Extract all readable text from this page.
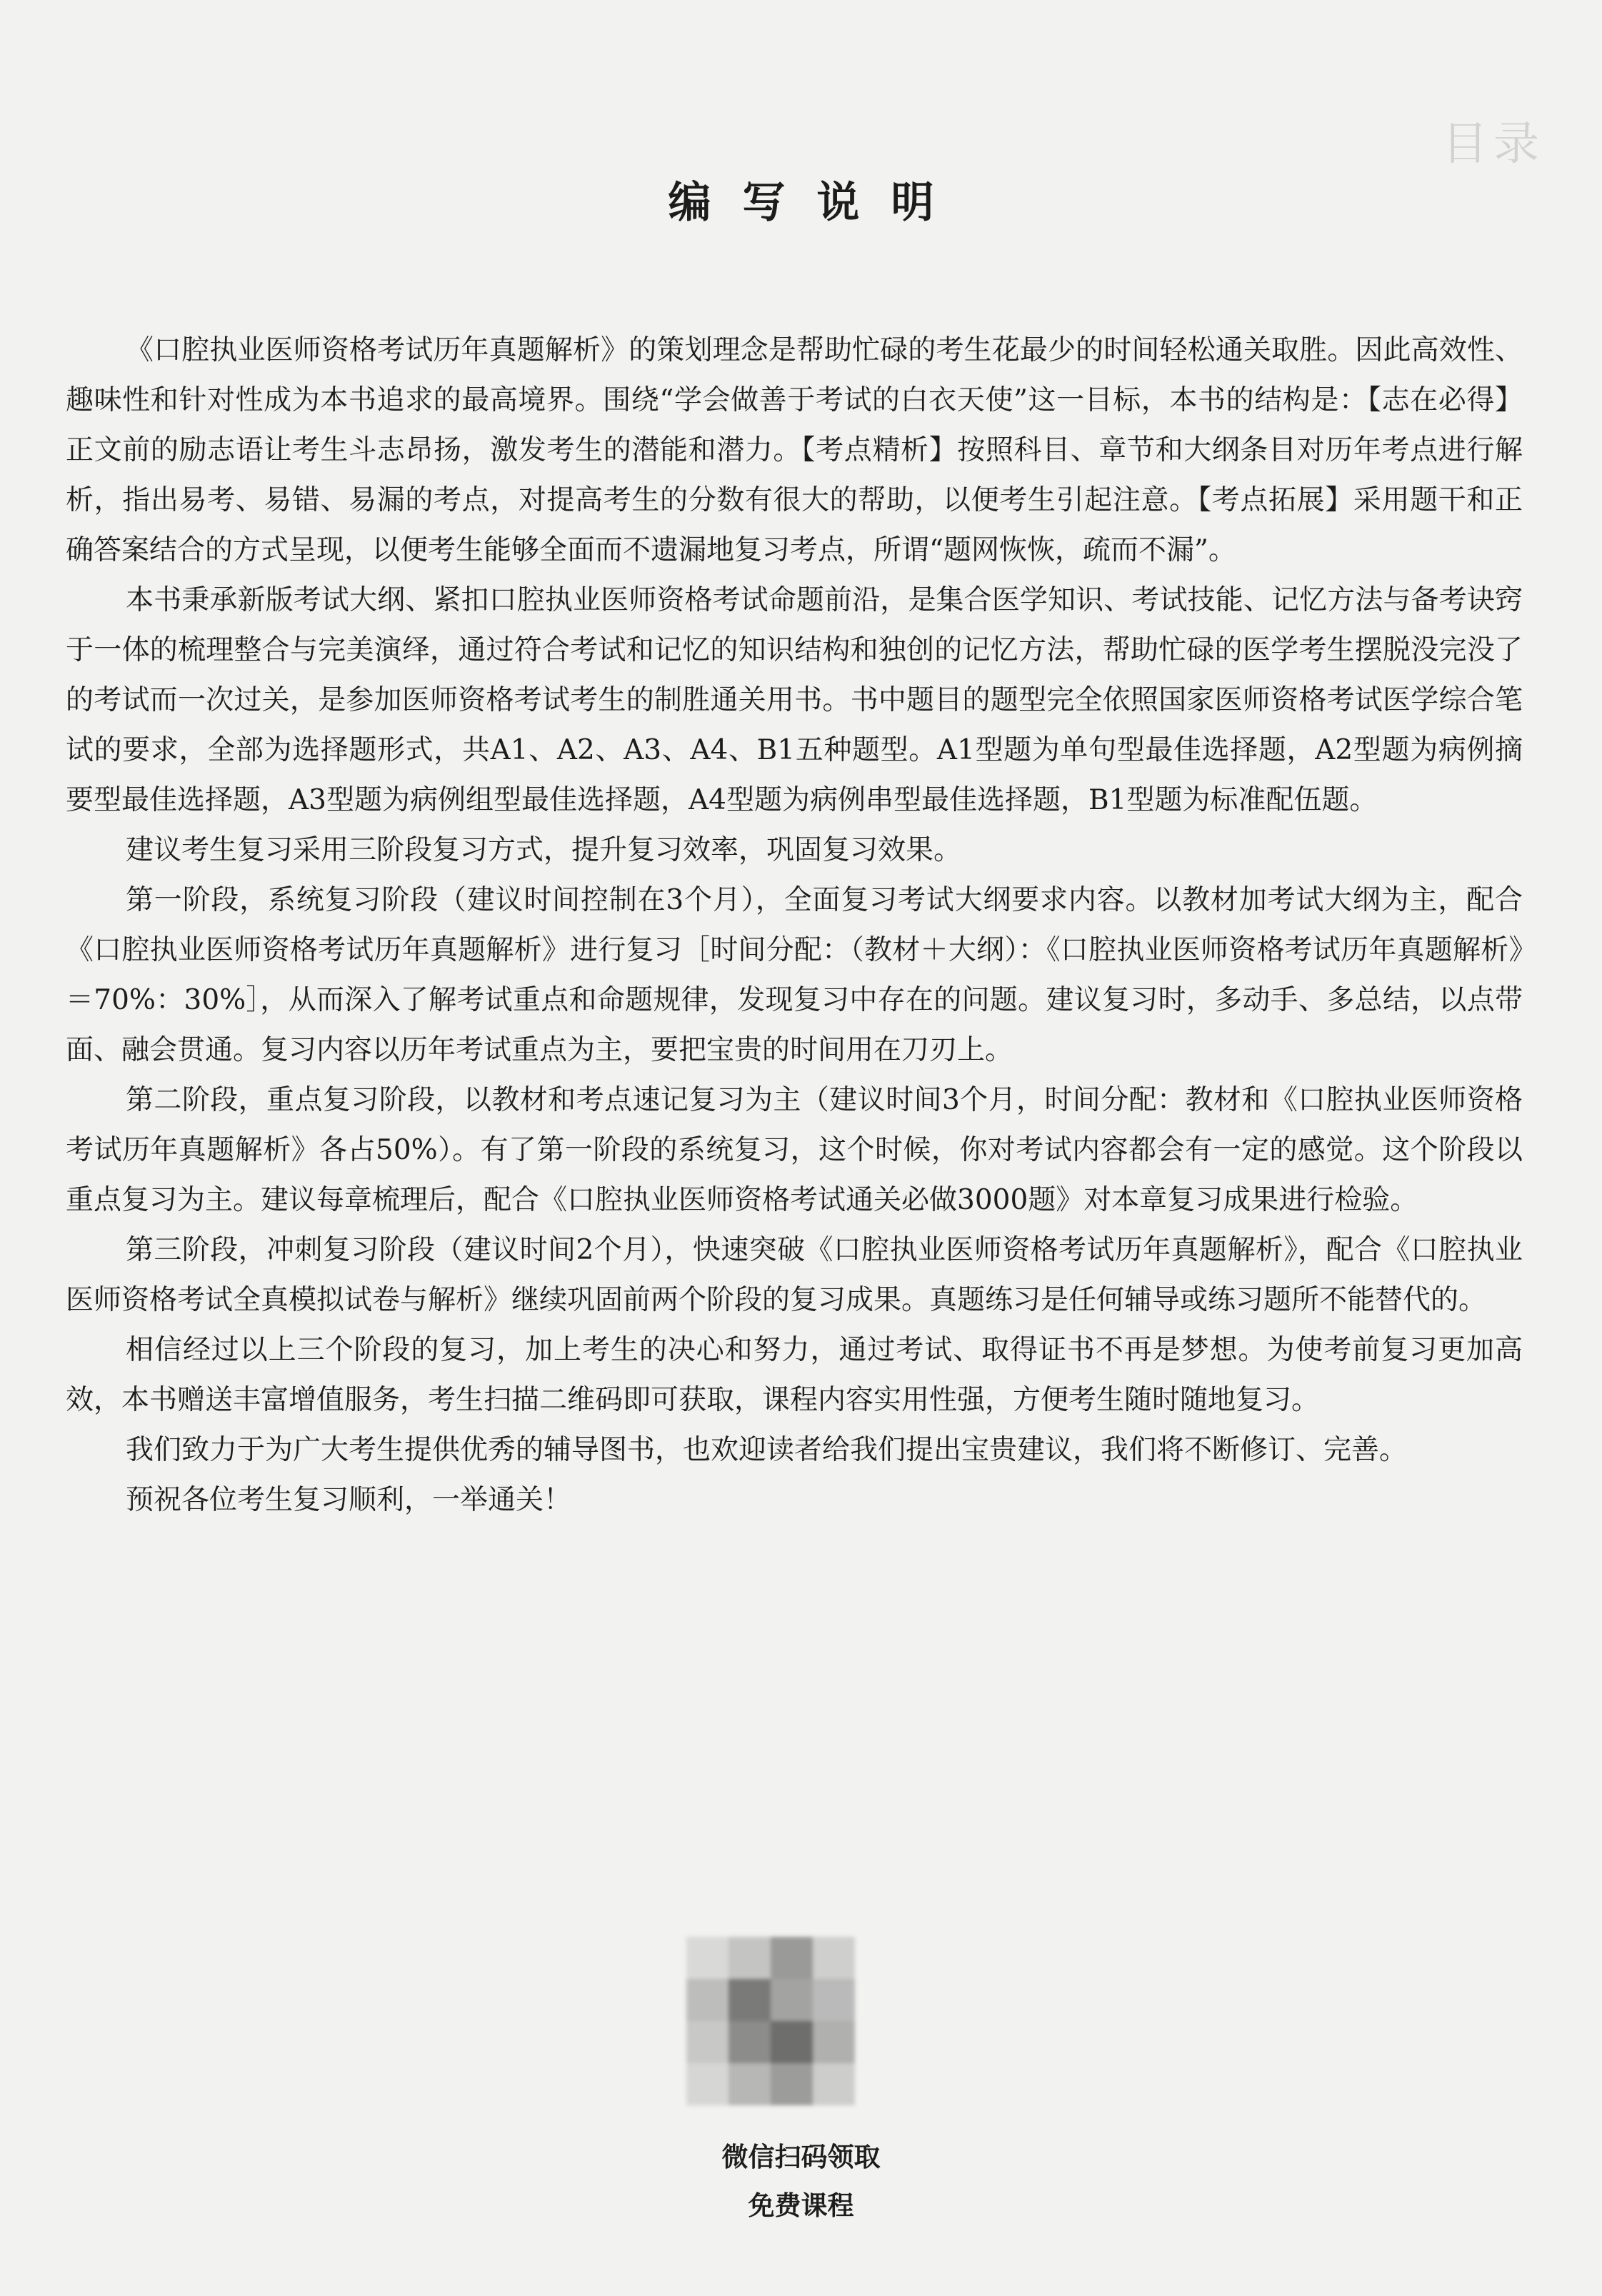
目录
编写说明

《口腔执业医师资格考试历年真题解析》的策划理念是帮助忙碌的考生花最少的时间轻松通关取胜。因此高效性、趣味性和针对性成为本书追求的最高境界。围绕“学会做善于考试的白衣天使”这一目标，本书的结构是：【志在必得】正文前的励志语让考生斗志昂扬，激发考生的潜能和潜力。【考点精析】按照科目、章节和大纲条目对历年考点进行解析，指出易考、易错、易漏的考点，对提高考生的分数有很大的帮助，以便考生引起注意。【考点拓展】采用题干和正确答案结合的方式呈现，以便考生能够全面而不遗漏地复习考点，所谓“题网恢恢，疏而不漏”。

本书秉承新版考试大纲、紧扣口腔执业医师资格考试命题前沿，是集合医学知识、考试技能、记忆方法与备考诀窍于一体的梳理整合与完美演绎，通过符合考试和记忆的知识结构和独创的记忆方法，帮助忙碌的医学考生摆脱没完没了的考试而一次过关，是参加医师资格考试考生的制胜通关用书。书中题目的题型完全依照国家医师资格考试医学综合笔试的要求，全部为选择题形式，共A1、A2、A3、A4、B1五种题型。A1型题为单句型最佳选择题，A2型题为病例摘要型最佳选择题，A3型题为病例组型最佳选择题，A4型题为病例串型最佳选择题，B1型题为标准配伍题。

建议考生复习采用三阶段复习方式，提升复习效率，巩固复习效果。

第一阶段，系统复习阶段（建议时间控制在3个月），全面复习考试大纲要求内容。以教材加考试大纲为主，配合《口腔执业医师资格考试历年真题解析》进行复习［时间分配：（教材＋大纲）：《口腔执业医师资格考试历年真题解析》＝70%：30%］，从而深入了解考试重点和命题规律，发现复习中存在的问题。建议复习时，多动手、多总结，以点带面、融会贯通。复习内容以历年考试重点为主，要把宝贵的时间用在刀刃上。

第二阶段，重点复习阶段，以教材和考点速记复习为主（建议时间3个月，时间分配：教材和《口腔执业医师资格考试历年真题解析》各占50%）。有了第一阶段的系统复习，这个时候，你对考试内容都会有一定的感觉。这个阶段以重点复习为主。建议每章梳理后，配合《口腔执业医师资格考试通关必做3000题》对本章复习成果进行检验。

第三阶段，冲刺复习阶段（建议时间2个月），快速突破《口腔执业医师资格考试历年真题解析》，配合《口腔执业医师资格考试全真模拟试卷与解析》继续巩固前两个阶段的复习成果。真题练习是任何辅导或练习题所不能替代的。

相信经过以上三个阶段的复习，加上考生的决心和努力，通过考试、取得证书不再是梦想。为使考前复习更加高效，本书赠送丰富增值服务，考生扫描二维码即可获取，课程内容实用性强，方便考生随时随地复习。

我们致力于为广大考生提供优秀的辅导图书，也欢迎读者给我们提出宝贵建议，我们将不断修订、完善。

预祝各位考生复习顺利，一举通关！

微信扫码领取
免费课程
